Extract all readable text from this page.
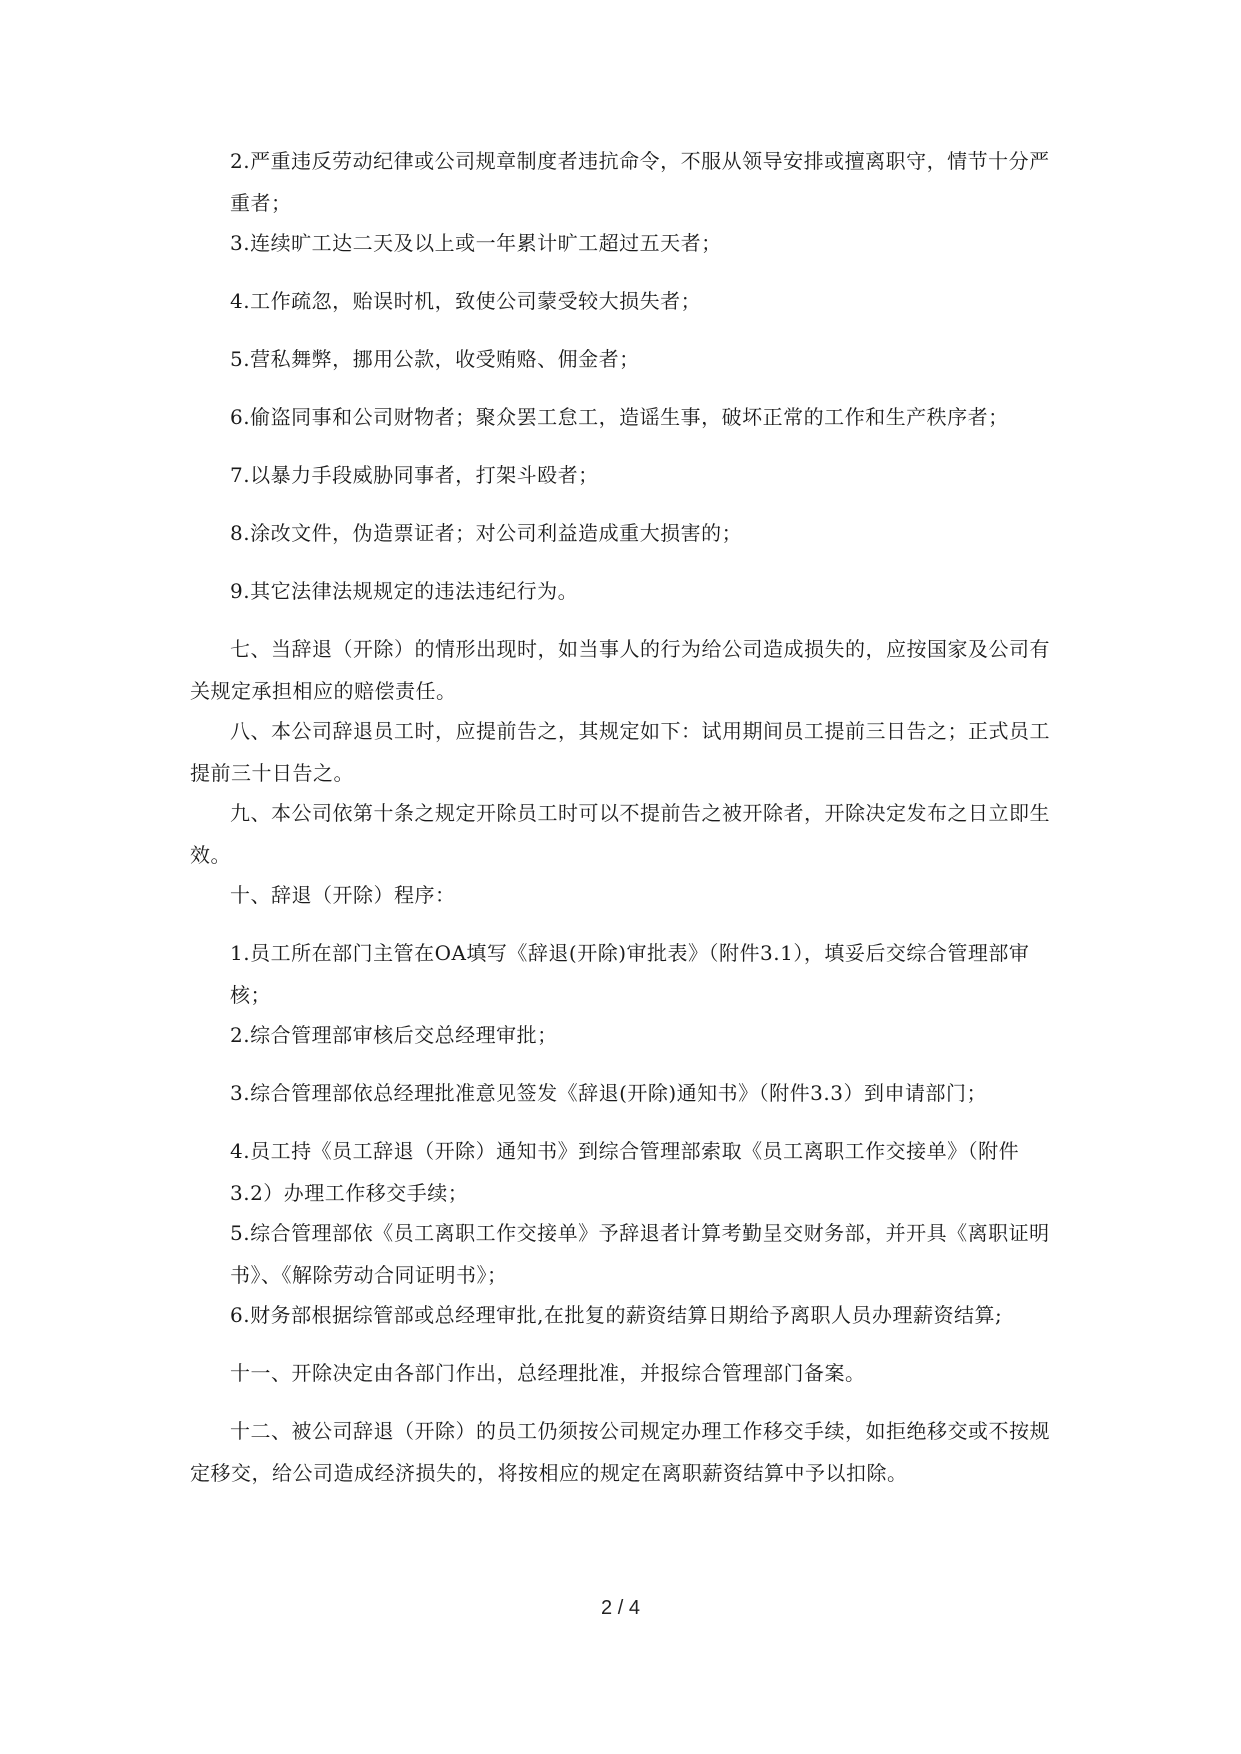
2.严重违反劳动纪律或公司规章制度者违抗命令，不服从领导安排或擅离职守，情节十分严重者；

3.连续旷工达二天及以上或一年累计旷工超过五天者；

4.工作疏忽，贻误时机，致使公司蒙受较大损失者；

5.营私舞弊，挪用公款，收受贿赂、佣金者；

6.偷盗同事和公司财物者；聚众罢工怠工，造谣生事，破坏正常的工作和生产秩序者；

7.以暴力手段威胁同事者，打架斗殴者；

8.涂改文件，伪造票证者；对公司利益造成重大损害的；

9.其它法律法规规定的违法违纪行为。

七、当辞退（开除）的情形出现时，如当事人的行为给公司造成损失的，应按国家及公司有关规定承担相应的赔偿责任。

八、本公司辞退员工时，应提前告之，其规定如下：试用期间员工提前三日告之；正式员工提前三十日告之。

九、本公司依第十条之规定开除员工时可以不提前告之被开除者，开除决定发布之日立即生效。

十、辞退（开除）程序：

1.员工所在部门主管在OA填写《辞退(开除)审批表》（附件3.1），填妥后交综合管理部审核；

2.综合管理部审核后交总经理审批；

3.综合管理部依总经理批准意见签发《辞退(开除)通知书》（附件3.3）到申请部门；

4.员工持《员工辞退（开除）通知书》到综合管理部索取《员工离职工作交接单》（附件3.2）办理工作移交手续；

5.综合管理部依《员工离职工作交接单》予辞退者计算考勤呈交财务部，并开具《离职证明书》、《解除劳动合同证明书》；

6.财务部根据综管部或总经理审批,在批复的薪资结算日期给予离职人员办理薪资结算;

十一、开除决定由各部门作出，总经理批准，并报综合管理部门备案。

十二、被公司辞退（开除）的员工仍须按公司规定办理工作移交手续，如拒绝移交或不按规定移交，给公司造成经济损失的，将按相应的规定在离职薪资结算中予以扣除。

2 / 4
